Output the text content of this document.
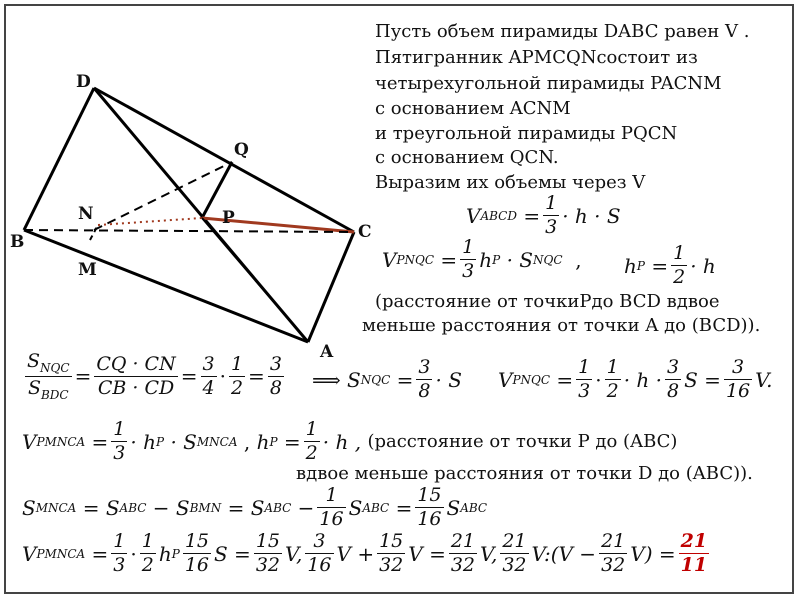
D
Q
N	P
C
B
M
A
Пусть объем пирамиды DABC равен V .
Пятигранник APMCQNсостоит из
четырехугольной пирамиды PACNM
с основанием ACNM
и треугольной пирамиды PQCN
с основанием QCN.
Выразим их объемы через V
V ABCD
=
1
3 · h · S
V PNQC
=
1
3 h P
· S NQC
, h P
=
1
2 · h
(расстояние от точкиPдо BCD вдвое
меньше расстояния от точки A до (BCD)).
$S_{NQC}$
$S_{BDC}$
=
CQ · CN
CB · CD =
3
4 ·
1
2 =
3
8 ⟹
S NQC
=
3
8 · S V PNQC
=
1
3 ·
1
2 · h ·
3
8 S =
3
16 V.
V PMNCA
=
1
3 · h P
· S MNCA
,
h P
=
1
2 · h ,
(расстояние от точки P до (ABC)
вдвое меньше расстояния от точки D до (ABC)).
S MNCA
=
S ABC
−
S BMN
=
S ABC
−
1
16 S ABC
=
15
16 S ABC
V PMNCA
=
1
3 ·
1
2 h P
15
16 S =
15
32 V,
3
16 V +
15
32 V =
21
32 V,
21
32 V: (V −
21
32 V)
=
21
11
